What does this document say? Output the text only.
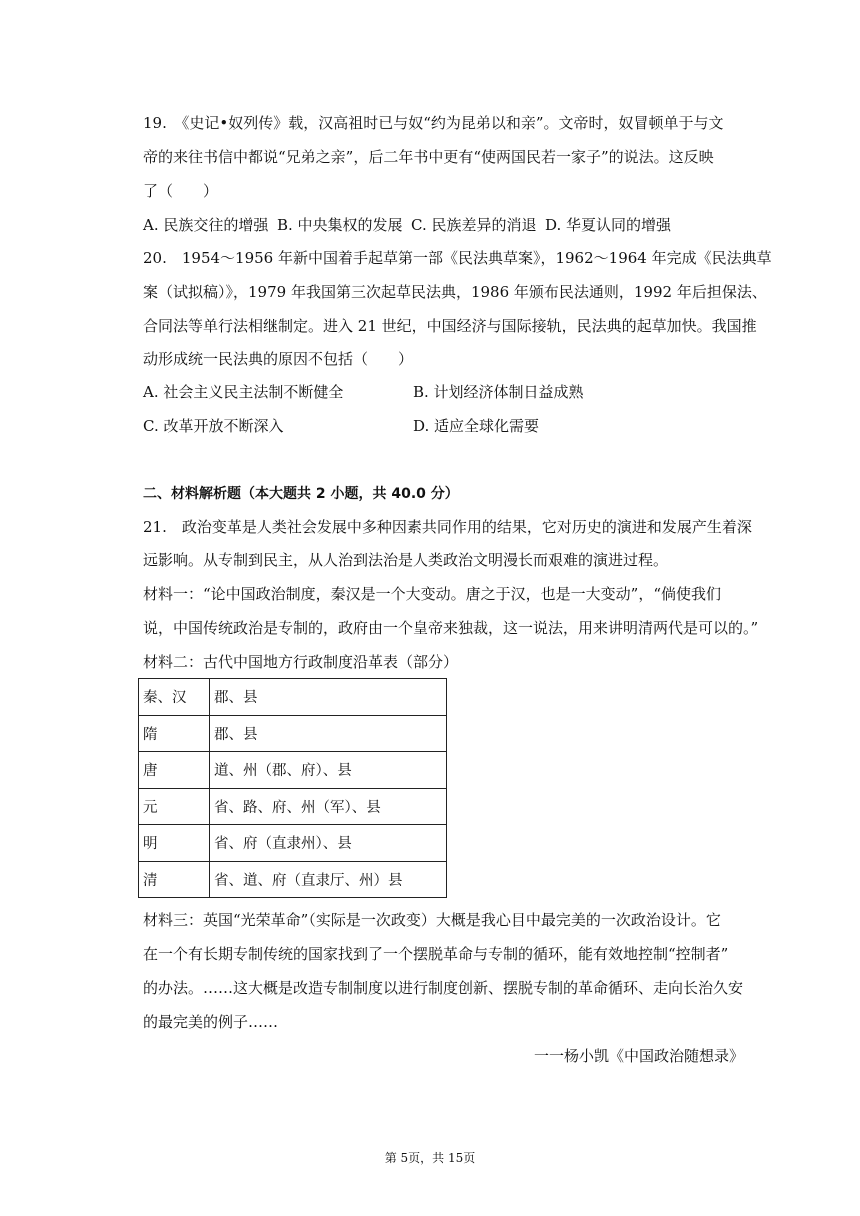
19.　《史记•奴列传》载，汉高祖时已与奴“约为昆弟以和亲”。文帝时，奴冒顿单于与文
帝的来往书信中都说“兄弟之亲”，后二年书中更有“使两国民若一家子”的说法。这反映
了（　　）
A. 民族交往的增强 B. 中央集权的发展 C. 民族差异的消退 D. 华夏认同的增强
20.　1954～1956 年新中国着手起草第一部《民法典草案》，1962～1964 年完成《民法典草
案（试拟稿）》，1979 年我国第三次起草民法典，1986 年颁布民法通则，1992 年后担保法、
合同法等单行法相继制定。进入 21 世纪，中国经济与国际接轨，民法典的起草加快。我国推
动形成统一民法典的原因不包括（　　）
A. 社会主义民主法制不断健全	B. 计划经济体制日益成熟
C. 改革开放不断深入	D. 适应全球化需要
二、材料解析题（本大题共 2 小题，共 40.0 分）
21.　政治变革是人类社会发展中多种因素共同作用的结果，它对历史的演进和发展产生着深
远影响。从专制到民主，从人治到法治是人类政治文明漫长而艰难的演进过程。
材料一：“论中国政治制度，秦汉是一个大变动。唐之于汉，也是一大变动”，“倘使我们
说，中国传统政治是专制的，政府由一个皇帝来独裁，这一说法，用来讲明清两代是可以的。”
材料二：古代中国地方行政制度沿革表（部分）
秦、汉	郡、县
隋	郡、县
唐	道、州（郡、府）、县
元	省、路、府、州（军）、县
明	省、府（直隶州）、县
清	省、道、府（直隶厅、州）县
材料三：英国“光荣革命”（实际是一次政变）大概是我心目中最完美的一次政治设计。它
在一个有长期专制传统的国家找到了一个摆脱革命与专制的循环，能有效地控制“控制者”
的办法。……这大概是改造专制制度以进行制度创新、摆脱专制的革命循环、走向长治久安
的最完美的例子……
一一杨小凯《中国政治随想录》
第 5页，共 15页
